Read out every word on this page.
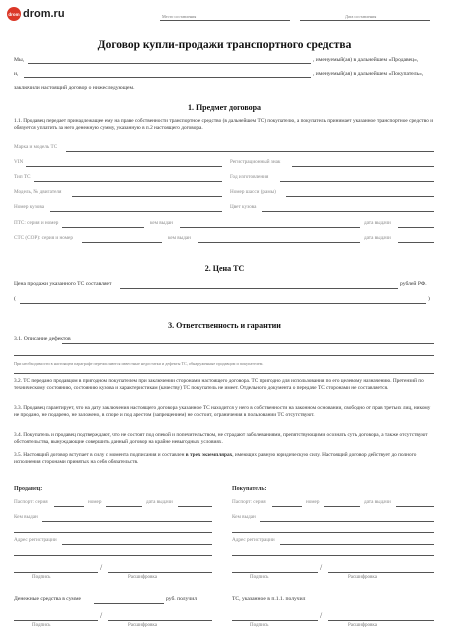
drom drom.ru	Место составления	Дата составления
Договор купли-продажи транспортного средства
Мы,	, именуемый(ая) в дальнейшем «Продавец»,
и,	, именуемый(ая) в дальнейшем «Покупатель»,
заключили настоящий договор о нижеследующем.
1. Предмет договора
1.1. Продавец передает принадлежащее ему на праве собственности транспортное средство (в дальнейшем ТС) покупателю, а покупатель принимает указанное транспортное средство и обязуется уплатить за него денежную сумму, указанную в п.2 настоящего договора.
Марка и модель ТС
VIN	Регистрационный знак
Тип ТС	Год изготовления
Модель, № двигателя	Номер шасси (рамы)
Номер кузова	Цвет кузова
ПТС: серия и номер	кем выдан	дата выдачи
СТС (СОР): серия и номер	кем выдан	дата выдачи
2. Цена ТС
Цена продажи указанного ТС составляет	рублей РФ.
(	)
3. Ответственность и гарантии
3.1. Описание дефектов
При необходимости в настоящем параграфе перечисляются известные недостатки и дефекты ТС, обнаруженные продавцом и покупателем.
3.2. ТС передано продавцом в пригодном покупателем при заключении сторонами настоящего договора. ТС пригодно для использования по его целевому назначению. Претензий по техническому состоянию, состоянию кузова и характеристикам (качеству) ТС покупатель не имеет. Отдельного документа о передаче ТС сторонами не составляется.
3.3. Продавец гарантирует, что на дату заключения настоящего договора указанное ТС находится у него в собственности на законном основании, свободно от прав третьих лиц, никому не продано, не подарено, не заложено, в споре и под арестом (запрещением) не состоит, ограничения в пользовании ТС отсутствуют.
3.4. Покупатель и продавец подтверждают, что не состоят под опекой и попечительством, не страдают заболеваниями, препятствующими осознать суть договора, а также отсутствуют обстоятельства, вынуждающие совершить данный договор на крайне невыгодных условиях.
3.5. Настоящий договор вступает в силу с момента подписания и составлен в трех экземплярах, имеющих равную юридическую силу. Настоящий договор действует до полного исполнения сторонами принятых на себя обязательств.
Продавец:
Паспорт: серия	номер	дата выдачи
Кем выдан
Адрес регистрации
/
Подпись	Расшифровка
Покупатель:
Паспорт: серия	номер	дата выдачи
Кем выдан
Адрес регистрации
/
Подпись	Расшифровка
Денежные средства в сумме	руб. получил
/
Подпись	Расшифровка
ТС, указанное в п.1.1. получил
/
Подпись	Расшифровка
